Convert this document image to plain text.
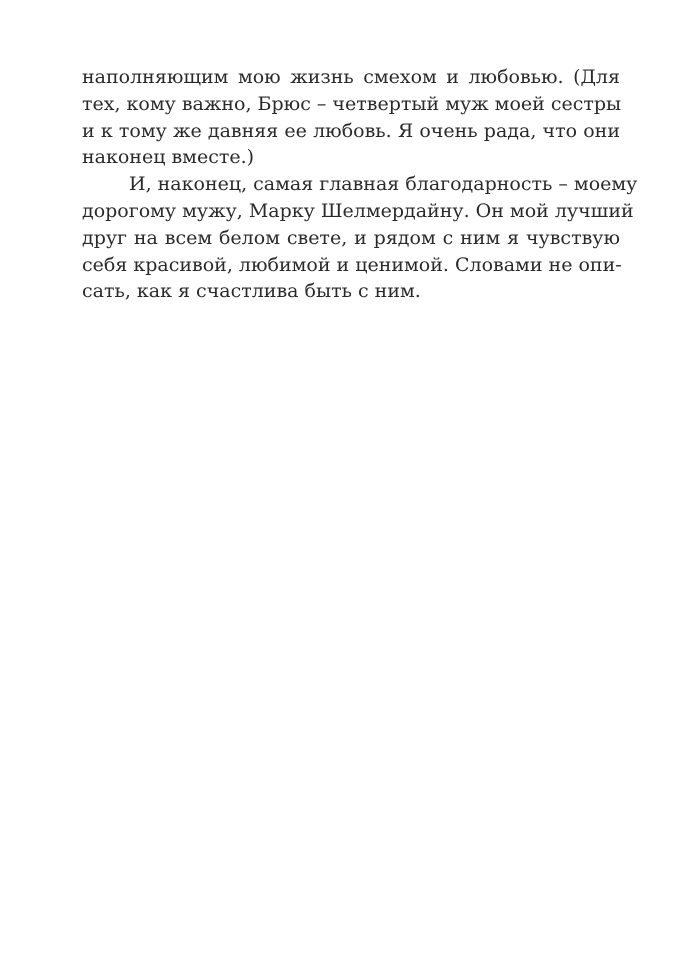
наполняющим мою жизнь смехом и любовью. (Для
тех, кому важно, Брюс – четвертый муж моей сестры
и к тому же давняя ее любовь. Я очень рада, что они
наконец вместе.)
И, наконец, самая главная благодарность – моему
дорогому мужу, Марку Шелмердайну. Он мой лучший
друг на всем белом свете, и рядом с ним я чувствую
себя красивой, любимой и ценимой. Словами не опи-
сать, как я счастлива быть с ним.
